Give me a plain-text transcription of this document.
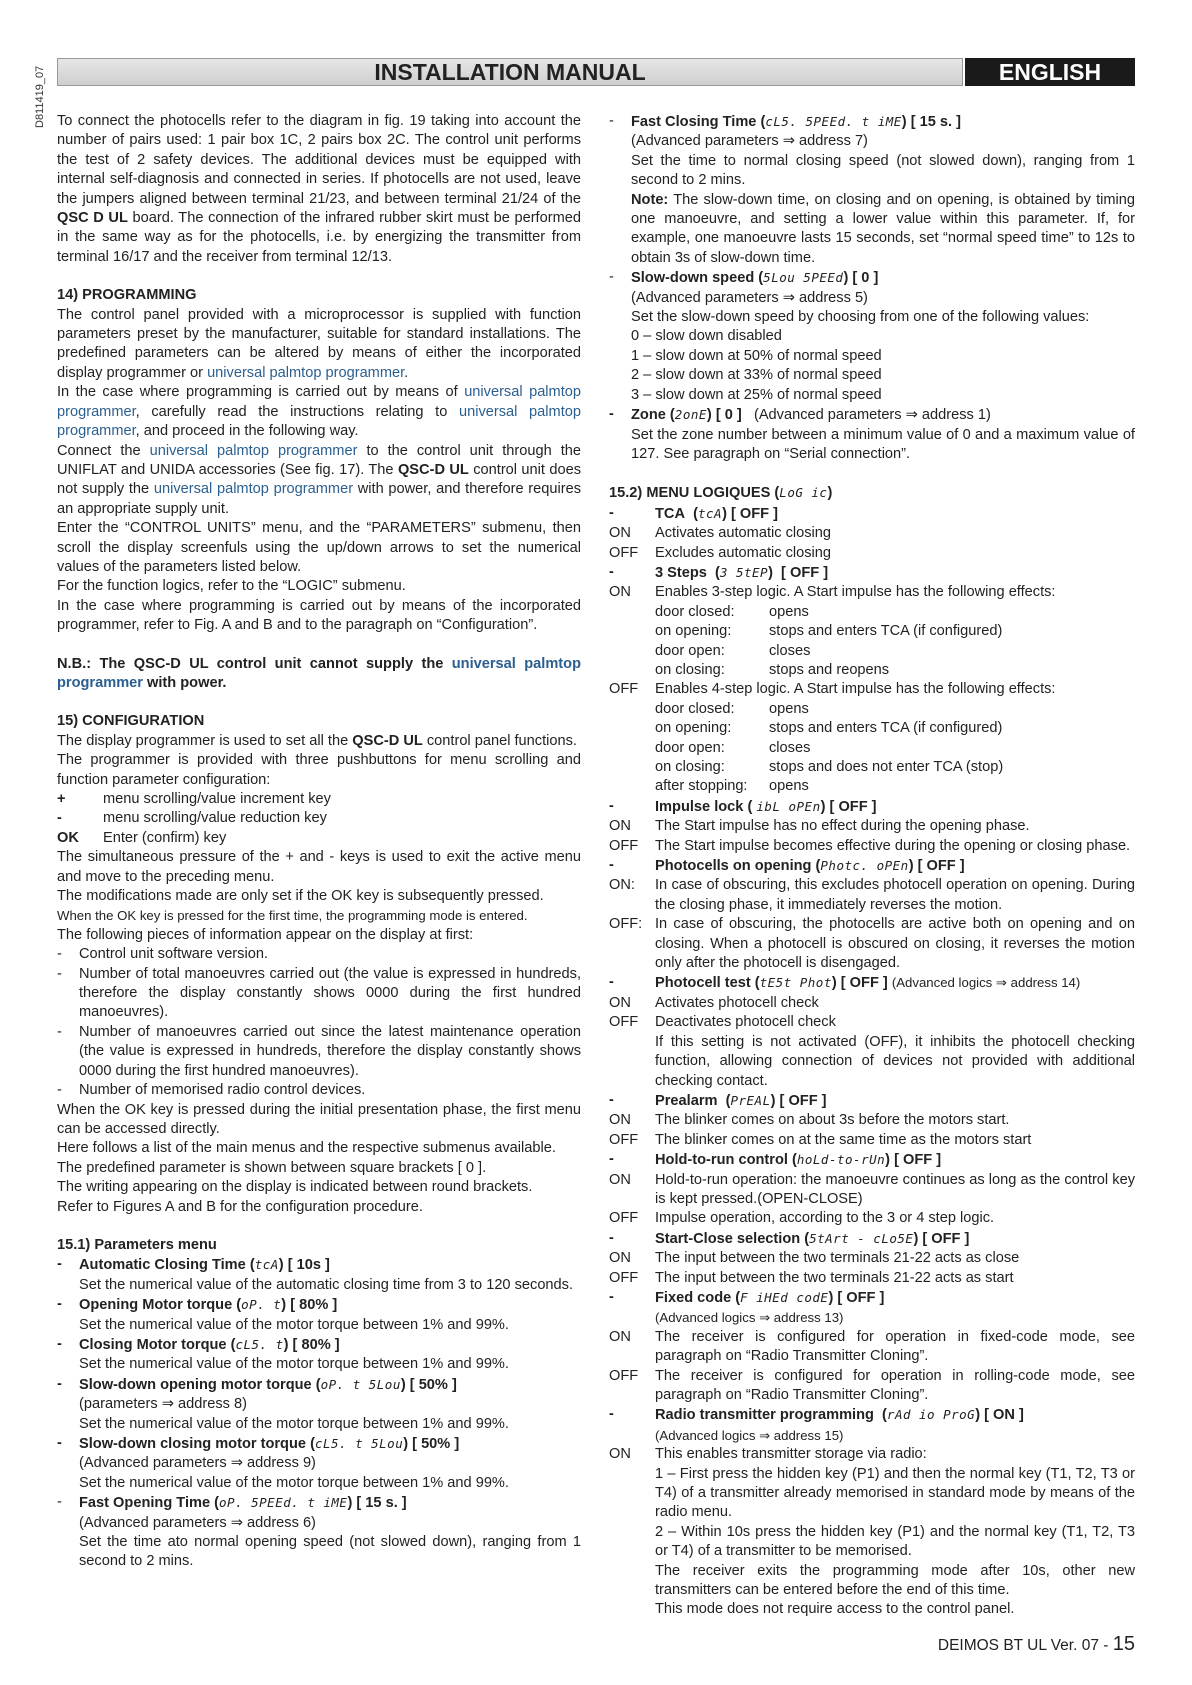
D811419_07	INSTALLATION MANUAL	ENGLISH

To connect the photocells refer to the diagram in fig. 19 taking into account the number of pairs used: 1 pair box 1C, 2 pairs box 2C. The control unit performs the test of 2 safety devices. The additional devices must be equipped with internal self-diagnosis and connected in series. If photocells are not used, leave the jumpers aligned between terminal 21/23, and between terminal 21/24 of the QSC D UL board. The connection of the infrared rubber skirt must be performed in the same way as for the photocells, i.e. by energizing the transmitter from terminal 16/17 and the receiver from terminal 12/13.

14) PROGRAMMING

The control panel provided with a microprocessor is supplied with function parameters preset by the manufacturer, suitable for standard installations. The predefined parameters can be altered by means of either the incorporated display programmer or universal palmtop programmer.

In the case where programming is carried out by means of universal palmtop programmer, carefully read the instructions relating to universal palmtop programmer, and proceed in the following way.

Connect the universal palmtop programmer to the control unit through the UNIFLAT and UNIDA accessories (See fig. 17). The QSC-D UL control unit does not supply the universal palmtop programmer with power, and therefore requires an appropriate supply unit.

Enter the “CONTROL UNITS” menu, and the “PARAMETERS” submenu, then scroll the display screenfuls using the up/down arrows to set the numerical values of the parameters listed below.

For the function logics, refer to the “LOGIC” submenu.

In the case where programming is carried out by means of the incorporated programmer, refer to Fig. A and B and to the paragraph on “Configuration”.

N.B.: The QSC-D UL control unit cannot supply the universal palmtop programmer with power.

15) CONFIGURATION

The display programmer is used to set all the QSC-D UL control panel functions.

The programmer is provided with three pushbuttons for menu scrolling and function parameter configuration:

+	menu scrolling/value increment key
-	menu scrolling/value reduction key
OK	Enter (confirm) key

The simultaneous pressure of the + and - keys is used to exit the active menu and move to the preceding menu.

The modifications made are only set if the OK key is subsequently pressed.

When the OK key is pressed for the first time, the programming mode is entered.

The following pieces of information appear on the display at first:

-	Control unit software version.
-	Number of total manoeuvres carried out (the value is expressed in hundreds, therefore the display constantly shows 0000 during the first hundred manoeuvres).
-	Number of manoeuvres carried out since the latest maintenance operation (the value is expressed in hundreds, therefore the display constantly shows 0000 during the first hundred manoeuvres).
-	Number of memorised radio control devices.

When the OK key is pressed during the initial presentation phase, the first menu can be accessed directly.

Here follows a list of the main menus and the respective submenus available.

The predefined parameter is shown between square brackets [ 0 ].

The writing appearing on the display is indicated between round brackets.

Refer to Figures A and B for the configuration procedure.

15.1) Parameters menu

-	Automatic Closing Time (tcA) [ 10s ]
Set the numerical value of the automatic closing time from 3 to 120 seconds.
-	Opening Motor torque (oP. t) [ 80% ]
Set the numerical value of the motor torque between 1% and 99%.
-	Closing Motor torque (cL5. t) [ 80% ]
Set the numerical value of the motor torque between 1% and 99%.
-	Slow-down opening motor torque (oP. t 5Lou) [ 50% ]
(parameters ⇒ address 8)
Set the numerical value of the motor torque between 1% and 99%.
-	Slow-down closing motor torque (cL5. t 5Lou) [ 50% ]
(Advanced parameters ⇒ address 9)
Set the numerical value of the motor torque between 1% and 99%.
-	Fast Opening Time (oP. 5PEEd. t iME) [ 15 s. ]
(Advanced parameters ⇒ address 6)
Set the time ato normal opening speed (not slowed down), ranging from 1 second to 2 mins.
-	Fast Closing Time (cL5. 5PEEd. t iME) [ 15 s. ]
(Advanced parameters ⇒ address 7)
Set the time to normal closing speed (not slowed down), ranging from 1 second to 2 mins.
Note: The slow-down time, on closing and on opening, is obtained by timing one manoeuvre, and setting a lower value within this parameter. If, for example, one manoeuvre lasts 15 seconds, set “normal speed time” to 12s to obtain 3s of slow-down time.
-	Slow-down speed (5Lou 5PEEd) [ 0 ]
(Advanced parameters ⇒ address 5)
Set the slow-down speed by choosing from one of the following values:
0 – slow down disabled
1 – slow down at 50% of normal speed
2 – slow down at 33% of normal speed
3 – slow down at 25% of normal speed
-	Zone (2onE) [ 0 ] (Advanced parameters ⇒ address 1)
Set the zone number between a minimum value of 0 and a maximum value of 127. See paragraph on “Serial connection”.

15.2) MENU LOGIQUES (LoG ic)

-	TCA  (tcA) [ OFF ]
ON	Activates automatic closing
OFF	Excludes automatic closing
-	3 Steps  (3 5tEP)  [ OFF ]
ON	Enables 3-step logic. A Start impulse has the following effects:
door closed:	opens
on opening:	stops and enters TCA (if configured)
door open:	closes
on closing:	stops and reopens
OFF	Enables 4-step logic. A Start impulse has the following effects:
door closed:	opens
on opening:	stops and enters TCA (if configured)
door open:	closes
on closing:	stops and does not enter TCA (stop)
after stopping:	opens
-	Impulse lock ( ibL oPEn) [ OFF ]
ON	The Start impulse has no effect during the opening phase.
OFF	The Start impulse becomes effective during the opening or closing phase.
-	Photocells on opening (Photc. oPEn) [ OFF ]
ON:	In case of obscuring, this excludes photocell operation on opening. During the closing phase, it immediately reverses the motion.
OFF: In case of obscuring, the photocells are active both on opening and on closing. When a photocell is obscured on closing, it reverses the motion only after the photocell is disengaged.
-	Photocell test (tE5t Phot) [ OFF ] (Advanced logics ⇒ address 14)
ON	Activates photocell check
OFF	Deactivates photocell check
If this setting is not activated (OFF), it inhibits the photocell checking function, allowing connection of devices not provided with additional checking contact.
-	Prealarm  (PrEAL) [ OFF ]
ON	The blinker comes on about 3s before the motors start.
OFF	The blinker comes on at the same time as the motors start
-	Hold-to-run control (hoLd-to-rUn) [ OFF ]
ON	Hold-to-run operation: the manoeuvre continues as long as the control key is kept pressed.(OPEN-CLOSE)
OFF	Impulse operation, according to the 3 or 4 step logic.
-	Start-Close selection (5tArt - cLo5E) [ OFF ]
ON	The input between the two terminals 21-22 acts as close
OFF	The input between the two terminals 21-22 acts as start
-	Fixed code (F iHEd codE) [ OFF ]
(Advanced logics ⇒ address 13)
ON	The receiver is configured for operation in fixed-code mode, see paragraph on “Radio Transmitter Cloning”.
OFF	The receiver is configured for operation in rolling-code mode, see paragraph on “Radio Transmitter Cloning”.
-	Radio transmitter programming  (rAd io ProG) [ ON ]
(Advanced logics ⇒ address 15)
ON	This enables transmitter storage via radio:
1 – First press the hidden key (P1) and then the normal key (T1, T2, T3 or T4) of a transmitter already memorised in standard mode by means of the radio menu.
2 – Within 10s press the hidden key (P1) and the normal key (T1, T2, T3 or T4) of a transmitter to be memorised.
The receiver exits the programming mode after 10s, other new transmitters can be entered before the end of this time.
This mode does not require access to the control panel.
DEIMOS BT UL Ver. 07 - 15
